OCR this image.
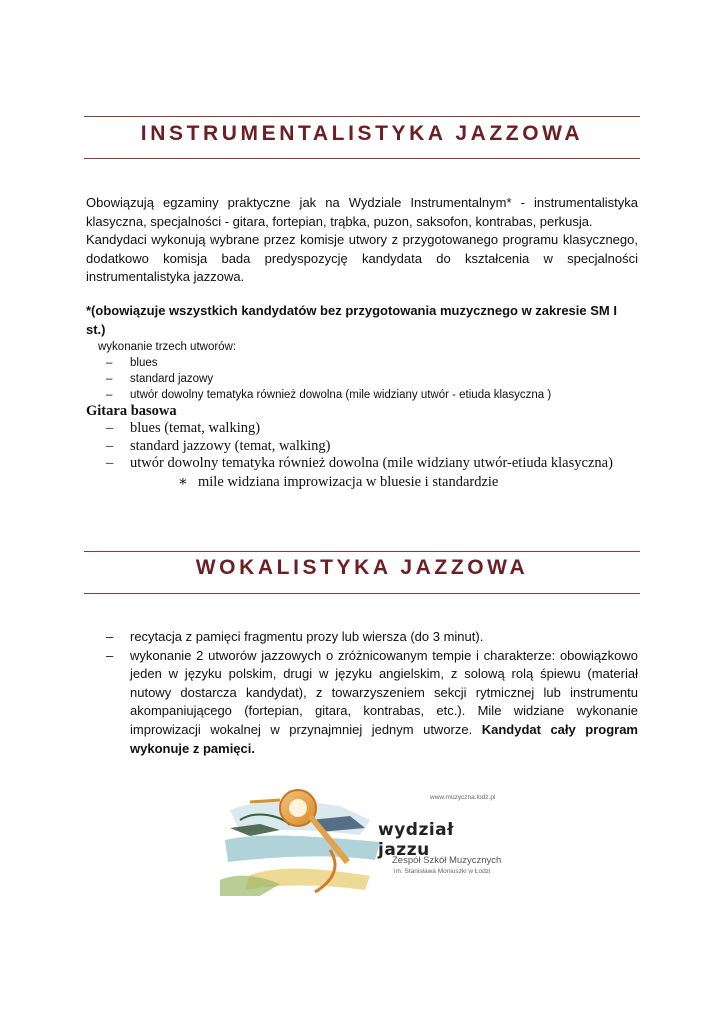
INSTRUMENTALISTYKA JAZZOWA

Obowiązują egzaminy praktyczne jak na Wydziale Instrumentalnym* - instrumentalistyka klasyczna, specjalności - gitara, fortepian, trąbka, puzon, saksofon, kontrabas, perkusja.

Kandydaci wykonują wybrane przez komisje utwory z przygotowanego programu klasycznego, dodatkowo komisja bada predyspozycję kandydata do kształcenia w specjalności instrumentalistyka jazzowa.

*(obowiązuje wszystkich kandydatów bez przygotowania muzycznego w zakresie SM I st.)

wykonanie trzech utworów:

– blues
– standard jazowy
– utwór dowolny tematyka również dowolna (mile widziany utwór - etiuda klasyczna )

Gitara basowa

– blues (temat, walking)
– standard jazzowy (temat, walking)
– utwór dowolny tematyka również dowolna (mile widziany utwór-etiuda klasyczna)

∗ mile widziana improwizacja w bluesie i standardzie

WOKALISTYKA JAZZOWA
– recytacja z pamięci fragmentu prozy lub wiersza (do 3 minut).
– wykonanie 2 utworów jazzowych o zróżnicowanym tempie i charakterze: obowiązkowo jeden w języku polskim, drugi w języku angielskim, z solową rolą śpiewu (materiał nutowy dostarcza kandydat), z towarzyszeniem sekcji rytmicznej lub instrumentu akompaniującego (fortepian, gitara, kontrabas, etc.). Mile widziane wykonanie improwizacji wokalnej w przynajmniej jednym utworze. Kandydat cały program wykonuje z pamięci.
www.muzyczna.lodz.pl
wydział jazzu
Zespół Szkół Muzycznych
im. Stanisława Moniuszki w Łodzi
